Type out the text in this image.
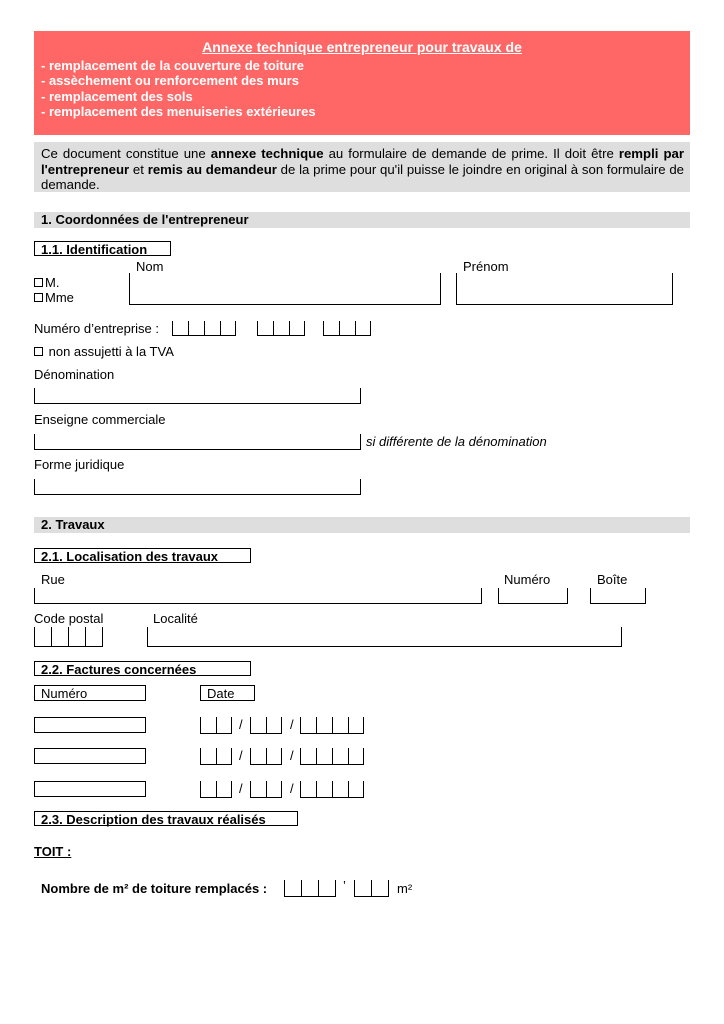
Annexe technique entrepreneur pour travaux de
- remplacement de la couverture de toiture
- assèchement ou renforcement des murs
- remplacement des sols
- remplacement des menuiseries extérieures

Ce document constitue une annexe technique au formulaire de demande de prime. Il doit être rempli par l'entrepreneur et remis au demandeur de la prime pour qu'il puisse le joindre en original à son formulaire de demande.

1. Coordonnées de l'entrepreneur
1.1. Identification
Nom	Prénom
M.
Mme
Numéro d’entreprise :
non assujetti à la TVA
Dénomination
Enseigne commerciale
si différente de la dénomination
Forme juridique
2. Travaux
2.1. Localisation des travaux
Rue	Numéro	Boîte
Code postal	Localité
2.2. Factures concernées
Numéro	Date
/	/
/	/
/	/
2.3. Description des travaux réalisés
TOIT :
Nombre de m² de toiture remplacés :	’	m²
